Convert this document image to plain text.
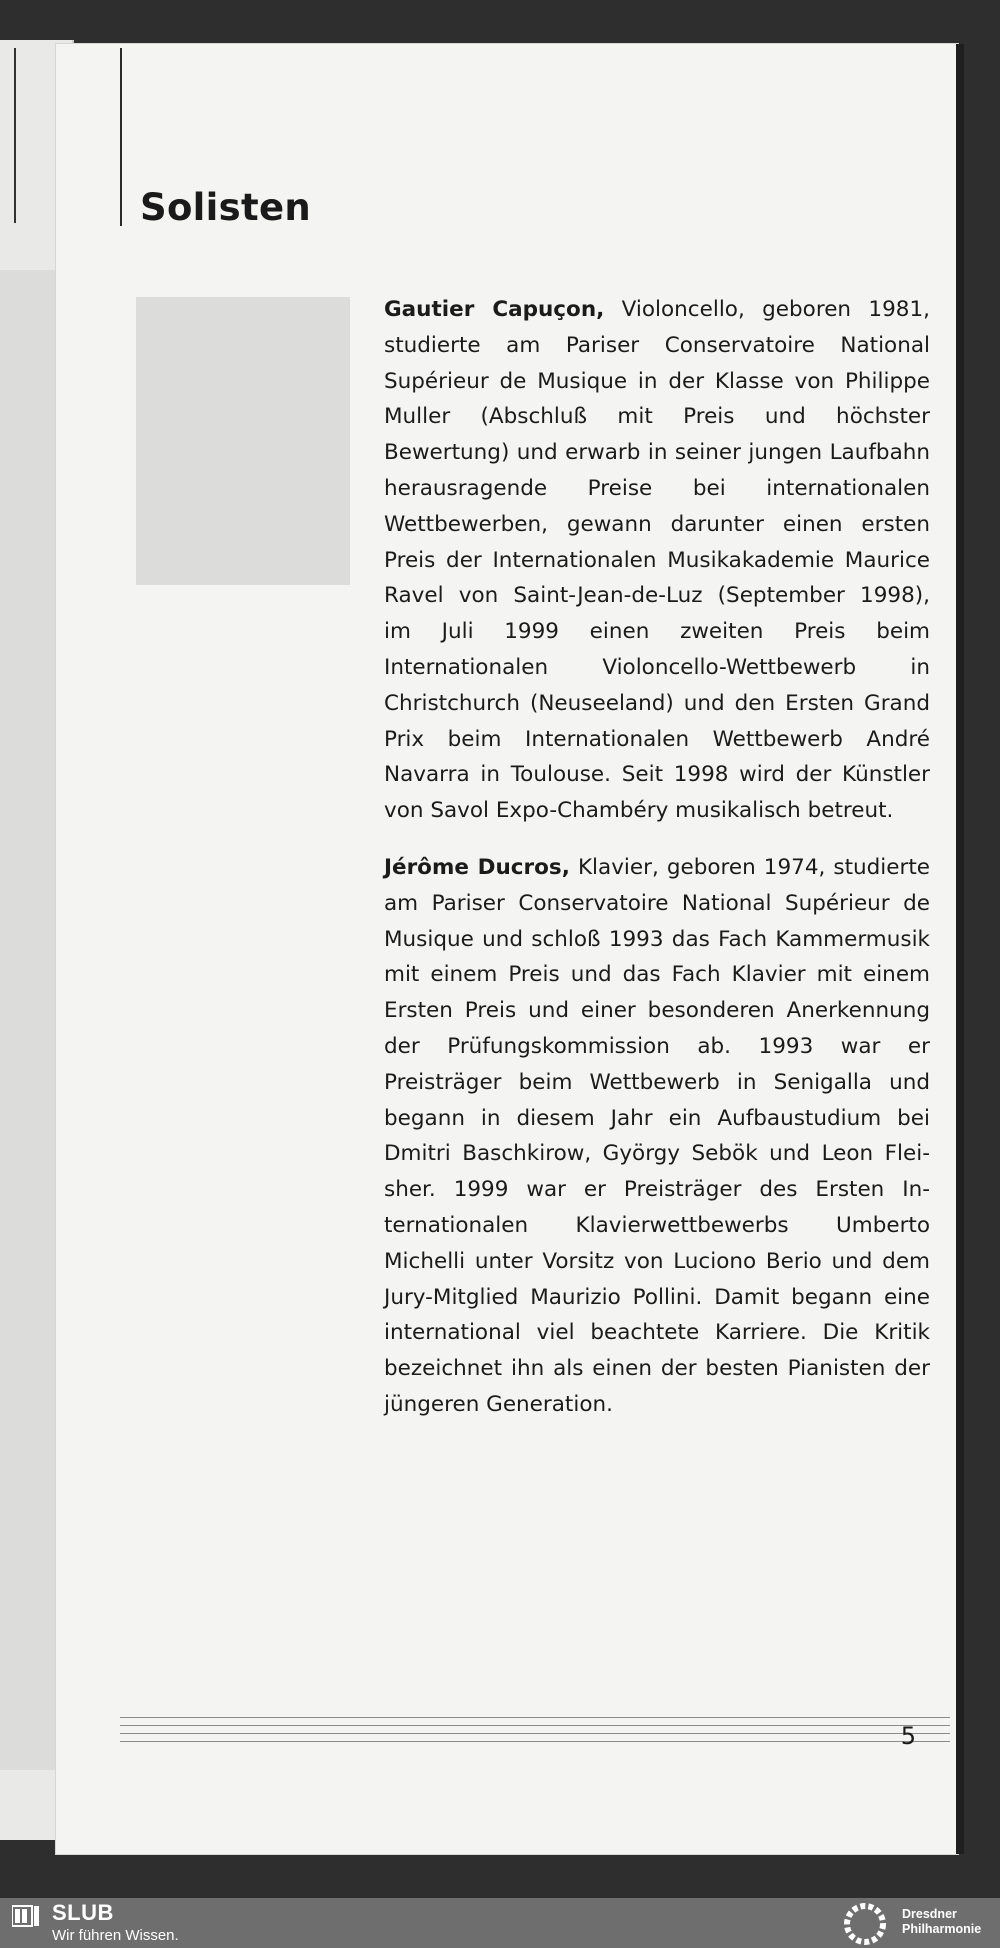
Solisten

Gautier Capuçon, Violoncello, geboren 1981, studierte am Pariser Conservatoire National Supérieur de Musique in der Klasse von Philippe Muller (Abschluß mit Preis und höchster Bewertung) und erwarb in seiner jungen Laufbahn herausragende Preise bei internationalen Wettbewerben, gewann darunter einen ersten Preis der Internationalen Musikakademie Maurice Ravel von Saint-Jean-de-Luz (September 1998), im Juli 1999 einen zweiten Preis beim Internationalen Violoncello-Wettbewerb in Christchurch (Neuseeland) und den Ersten Grand Prix beim Internationalen Wettbewerb André Navarra in Toulouse. Seit 1998 wird der Künstler von Savol Expo-Chambéry musikalisch betreut.

Jérôme Ducros, Klavier, geboren 1974, studierte am Pariser Conservatoire National Supérieur de Musique und schloß 1993 das Fach Kammermusik mit einem Preis und das Fach Klavier mit einem Ersten Preis und einer besonderen Anerkennung der Prüfungskommission ab. 1993 war er Preisträger beim Wettbewerb in Senigalla und begann in diesem Jahr ein Aufbaustudium bei Dmitri Baschkirow, György Sebök und Leon Fleisher. 1999 war er Preisträger des Ersten Internationalen Klavierwettbewerbs Umberto Michelli unter Vorsitz von Luciono Berio und dem Jury-Mitglied Maurizio Pollini. Damit begann eine international viel beachtete Karriere. Die Kritik bezeichnet ihn als einen der besten Pianisten der jüngeren Generation.

5
SLUB
Wir führen Wissen.
Dresdner
Philharmonie
